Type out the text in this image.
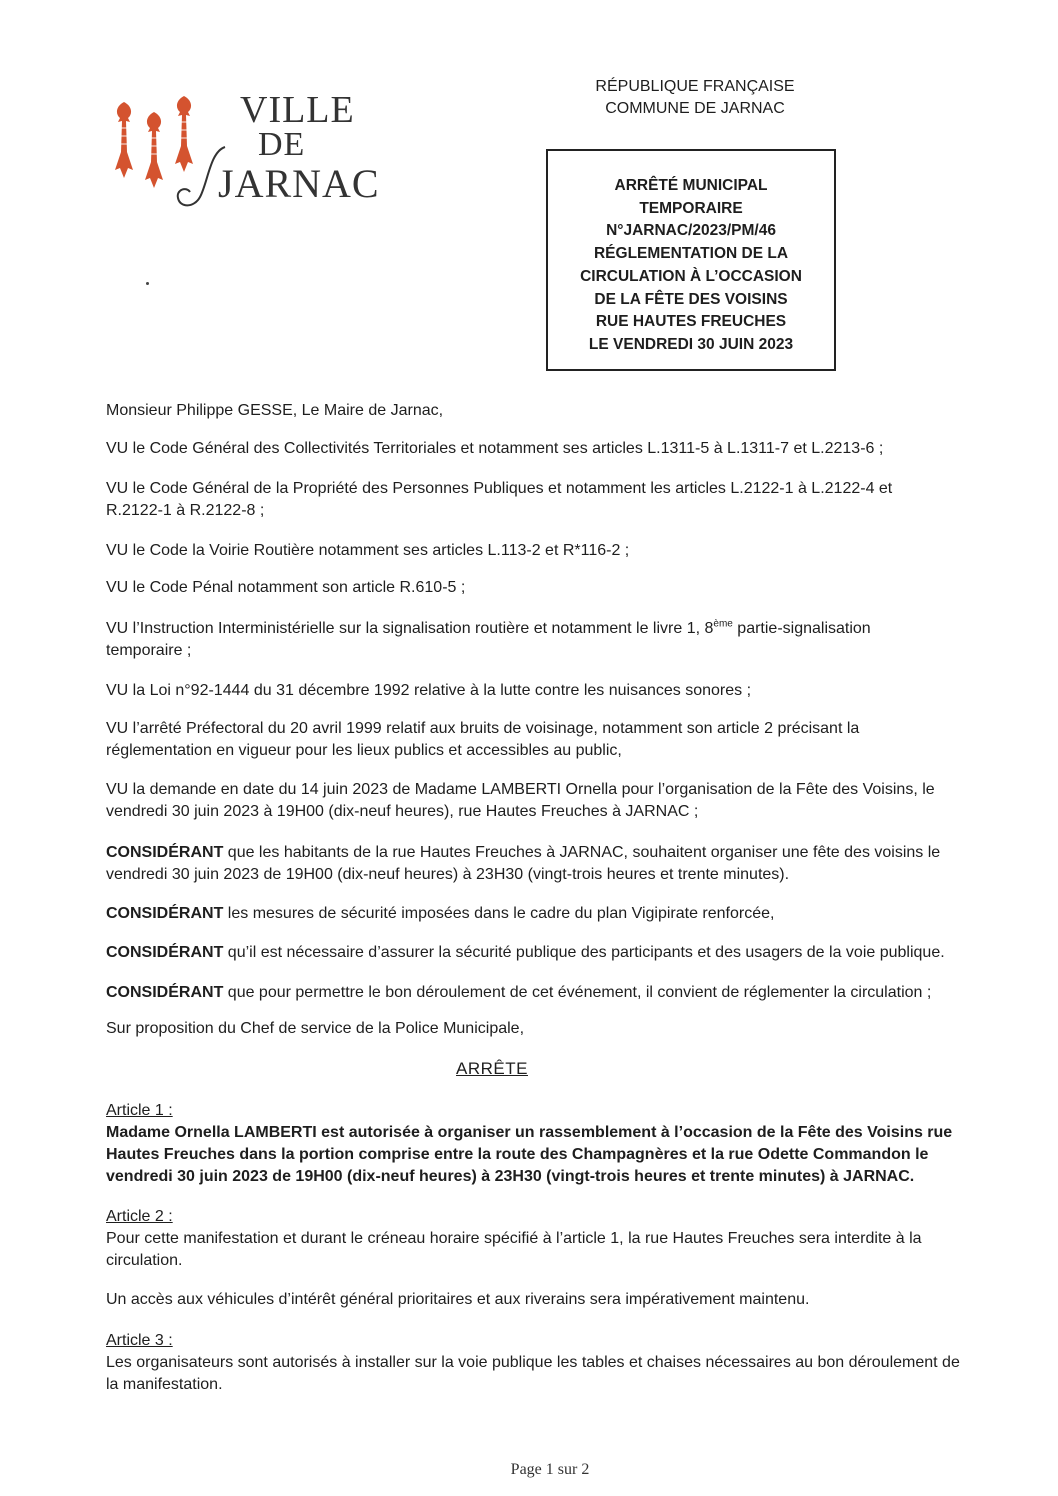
VILLE
DE
JARNAC
RÉPUBLIQUE FRANÇAISE
COMMUNE DE JARNAC
ARRÊTÉ MUNICIPAL
TEMPORAIRE
N°JARNAC/2023/PM/46
RÉGLEMENTATION DE LA
CIRCULATION À L’OCCASION
DE LA FÊTE DES VOISINS
RUE HAUTES FREUCHES
LE VENDREDI 30 JUIN 2023

Monsieur Philippe GESSE, Le Maire de Jarnac,

VU le Code Général des Collectivités Territoriales et notamment ses articles L.1311-5 à L.1311-7 et L.2213-6 ;

VU le Code Général de la Propriété des Personnes Publiques et notamment les articles L.2122-1 à L.2122-4 et R.2122-1 à R.2122-8 ;

VU le Code la Voirie Routière notamment ses articles L.113-2 et R*116-2 ;

VU le Code Pénal notamment son article R.610-5 ;

VU l’Instruction Interministérielle sur la signalisation routière et notamment le livre 1, 8ème partie-signalisation temporaire ;

VU la Loi n°92-1444 du 31 décembre 1992 relative à la lutte contre les nuisances sonores ;

VU l’arrêté Préfectoral du 20 avril 1999 relatif aux bruits de voisinage, notamment son article 2 précisant la réglementation en vigueur pour les lieux publics et accessibles au public,

VU la demande en date du 14 juin 2023 de Madame LAMBERTI Ornella pour l’organisation de la Fête des Voisins, le vendredi 30 juin 2023 à 19H00 (dix-neuf heures), rue Hautes Freuches à JARNAC ;

CONSIDÉRANT que les habitants de la rue Hautes Freuches à JARNAC, souhaitent organiser une fête des voisins le vendredi 30 juin 2023 de 19H00 (dix-neuf heures) à 23H30 (vingt-trois heures et trente minutes).

CONSIDÉRANT les mesures de sécurité imposées dans le cadre du plan Vigipirate renforcée,

CONSIDÉRANT qu’il est nécessaire d’assurer la sécurité publique des participants et des usagers de la voie publique.

CONSIDÉRANT que pour permettre le bon déroulement de cet événement, il convient de réglementer la circulation ;

Sur proposition du Chef de service de la Police Municipale,

ARRÊTE

Article 1 :

Madame Ornella LAMBERTI est autorisée à organiser un rassemblement à l’occasion de la Fête des Voisins rue Hautes Freuches dans la portion comprise entre la route des Champagnères et la rue Odette Commandon le vendredi 30 juin 2023 de 19H00 (dix-neuf heures) à 23H30 (vingt-trois heures et trente minutes) à JARNAC.

Article 2 :

Pour cette manifestation et durant le créneau horaire spécifié à l’article 1, la rue Hautes Freuches sera interdite à la circulation.

Un accès aux véhicules d’intérêt général prioritaires et aux riverains sera impérativement maintenu.

Article 3 :

Les organisateurs sont autorisés à installer sur la voie publique les tables et chaises nécessaires au bon déroulement de la manifestation.

Page 1 sur 2
